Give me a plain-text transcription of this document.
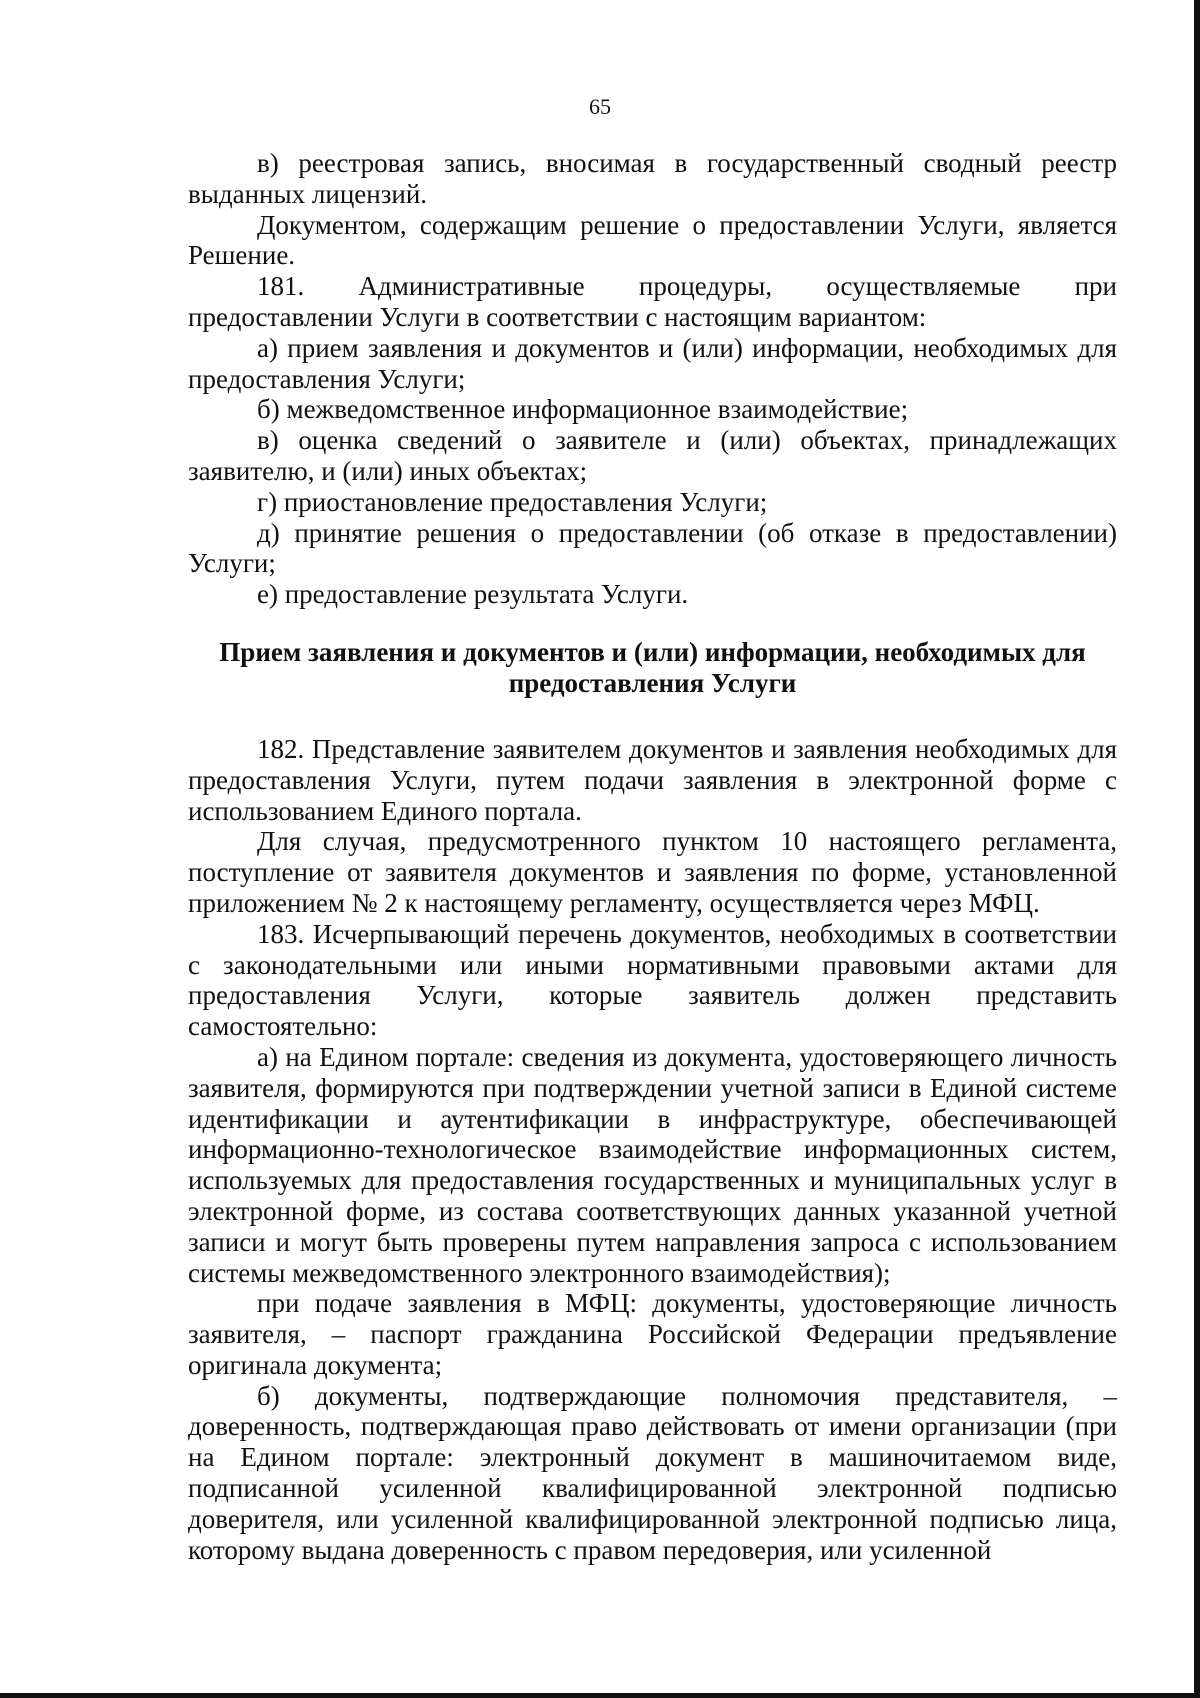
65

в) реестровая запись, вносимая в государственный сводный реестр выданных лицензий.

Документом, содержащим решение о предоставлении Услуги, является Решение.

181. Административные процедуры, осуществляемые при предоставлении Услуги в соответствии с настоящим вариантом:

а) прием заявления и документов и (или) информации, необходимых для предоставления Услуги;

б) межведомственное информационное взаимодействие;

в) оценка сведений о заявителе и (или) объектах, принадлежащих заявителю, и (или) иных объектах;

г) приостановление предоставления Услуги;

д) принятие решения о предоставлении (об отказе в предоставлении) Услуги;

е) предоставление результата Услуги.

Прием заявления и документов и (или) информации, необходимых для предоставления Услуги

182. Представление заявителем документов и заявления необходимых для предоставления Услуги, путем подачи заявления в электронной форме с использованием Единого портала.

Для случая, предусмотренного пунктом 10 настоящего регламента, поступление от заявителя документов и заявления по форме, установленной приложением № 2 к настоящему регламенту, осуществляется через МФЦ.

183. Исчерпывающий перечень документов, необходимых в соответствии с законодательными или иными нормативными правовыми актами для предоставления Услуги, которые заявитель должен представить самостоятельно:

а) на Едином портале: сведения из документа, удостоверяющего личность заявителя, формируются при подтверждении учетной записи в Единой системе идентификации и аутентификации в инфраструктуре, обеспечивающей информационно-технологическое взаимодействие информационных систем, используемых для предоставления государственных и муниципальных услуг в электронной форме, из состава соответствующих данных указанной учетной записи и могут быть проверены путем направления запроса с использованием системы межведомственного электронного взаимодействия);

при подаче заявления в МФЦ: документы, удостоверяющие личность заявителя, – паспорт гражданина Российской Федерации предъявление оригинала документа;

б) документы, подтверждающие полномочия представителя, – доверенность, подтверждающая право действовать от имени организации (при на Едином портале: электронный документ в машиночитаемом виде, подписанной усиленной квалифицированной электронной подписью доверителя, или усиленной квалифицированной электронной подписью лица, которому выдана доверенность с правом передоверия, или усиленной
